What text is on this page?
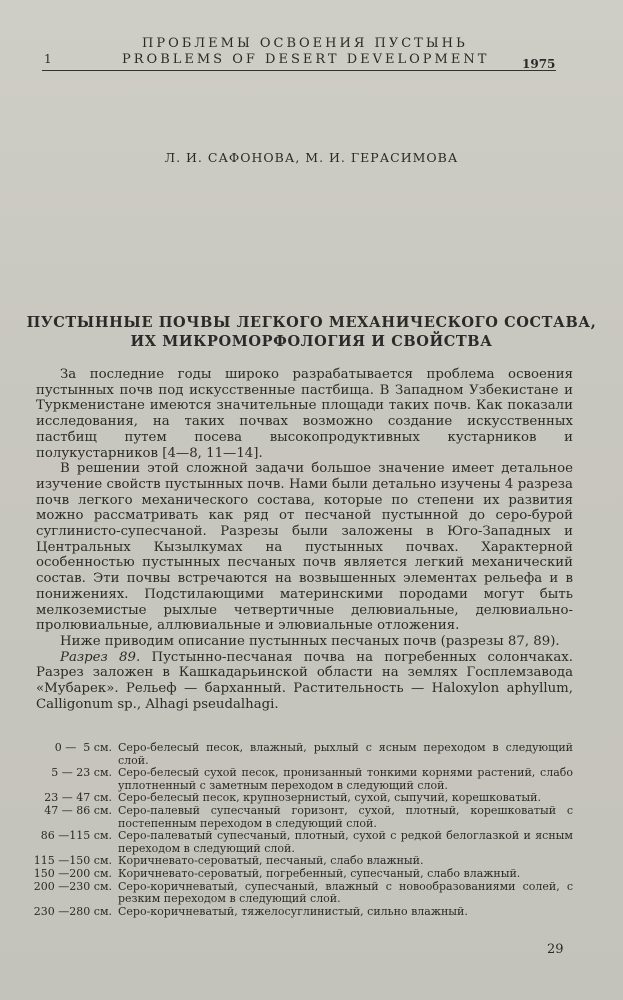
ПРОБЛЕМЫ ОСВОЕНИЯ ПУСТЫНЬ
1	PROBLEMS OF DESERT DEVELOPMENT	1975
Л. И. САФОНОВА, М. И. ГЕРАСИМОВА
ПУСТЫННЫЕ ПОЧВЫ ЛЕГКОГО МЕХАНИЧЕСКОГО СОСТАВА,
ИХ МИКРОМОРФОЛОГИЯ И СВОЙСТВА

За последние годы широко разрабатывается проблема освоения пустынных почв под искусственные пастбища. В Западном Узбекистане и Туркменистане имеются значительные площади таких почв. Как показали исследования, на таких почвах возможно создание искусственных пастбищ путем посева высокопродуктивных кустарников и полукустарников [4—8, 11—14].

В решении этой сложной задачи большое значение имеет детальное изучение свойств пустынных почв. Нами были детально изучены 4 разреза почв легкого механического состава, которые по степени их развития можно рассматривать как ряд от песчаной пустынной до серо-бурой суглинисто-супесчаной. Разрезы были заложены в Юго-Западных и Центральных Кызылкумах на пустынных почвах. Характерной особенностью пустынных песчаных почв является легкий механический состав. Эти почвы встречаются на возвышенных элементах рельефа и в понижениях. Подстилающими материнскими породами могут быть мелкоземистые рыхлые четвертичные делювиальные, делювиально-пролювиальные, аллювиальные и элювиальные отложения.

Ниже приводим описание пустынных песчаных почв (разрезы 87, 89).

Разрез 89. Пустынно-песчаная почва на погребенных солончаках. Разрез заложен в Кашкадарьинской области на землях Госплемзавода «Мубарек». Рельеф — барханный. Растительность — Haloxylon aphyllum, Calligonum sp., Alhagi pseudalhagi.

0 —  5 см. Серо-белесый песок, влажный, рыхлый с ясным переходом в следующий слой.
5 — 23 см. Серо-белесый сухой песок, пронизанный тонкими корнями растений, слабо уплотненный с заметным переходом в следующий слой.
23 — 47 см. Серо-белесый песок, крупнозернистый, сухой, сыпучий, корешковатый.
47 — 86 см. Серо-палевый супесчаный горизонт, сухой, плотный, корешковатый с постепенным переходом в следующий слой.
86 —115 см. Серо-палеватый супесчаный, плотный, сухой с редкой белоглазкой и ясным переходом в следующий слой.
115 —150 см. Коричневато-сероватый, песчаный, слабо влажный.
150 —200 см. Коричневато-сероватый, погребенный, супесчаный, слабо влажный.
200 —230 см. Серо-коричневатый, супесчаный, влажный с новообразованиями солей, с резким переходом в следующий слой.
230 —280 см. Серо-коричневатый, тяжелосуглинистый, сильно влажный.
29
